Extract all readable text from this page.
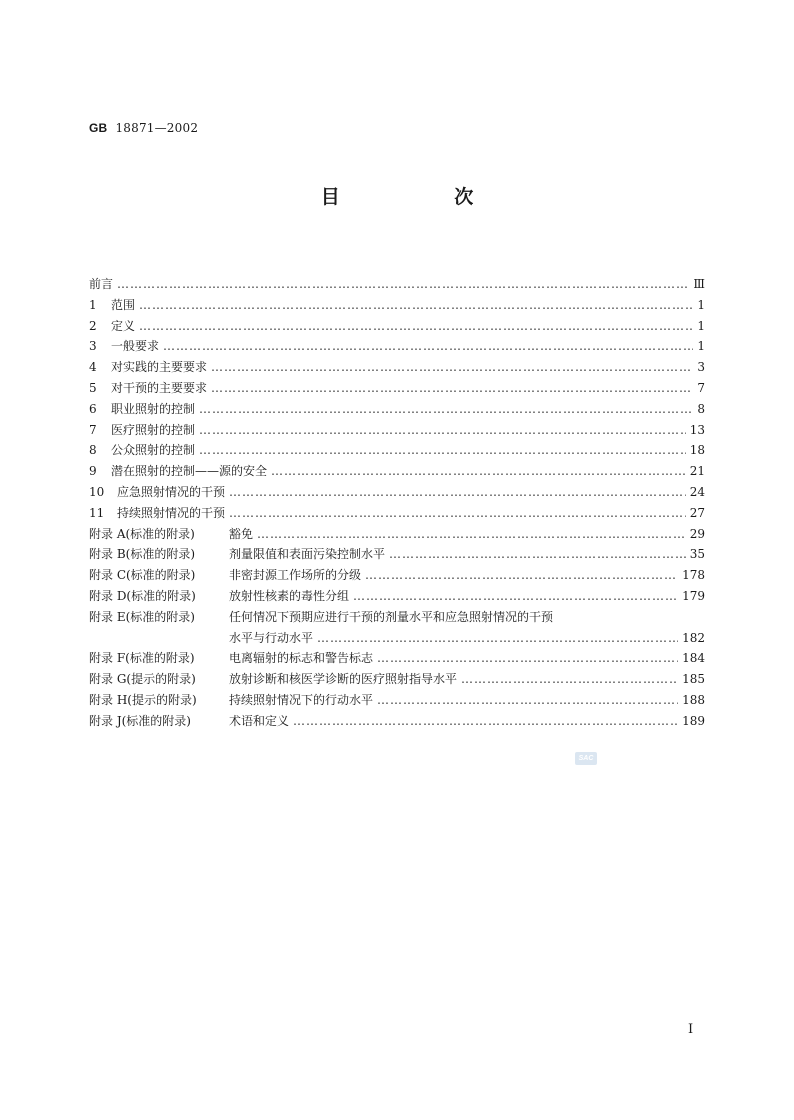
GB 18871—2002
目 次
前言 ……………………………………………………………………………………………………………………………………………………………………………………………………	Ⅲ
1	范围 ……………………………………………………………………………………………………………………………………………………………………………………………………	1
2	定义 ……………………………………………………………………………………………………………………………………………………………………………………………………	1
3	一般要求 ……………………………………………………………………………………………………………………………………………………………………………………………………	1
4	对实践的主要要求 ……………………………………………………………………………………………………………………………………………………………………………………………………	3
5	对干预的主要要求 ……………………………………………………………………………………………………………………………………………………………………………………………………	7
6	职业照射的控制 ……………………………………………………………………………………………………………………………………………………………………………………………………	8
7	医疗照射的控制 ……………………………………………………………………………………………………………………………………………………………………………………………………	13
8	公众照射的控制 ……………………………………………………………………………………………………………………………………………………………………………………………………	18
9	潜在照射的控制——源的安全 ……………………………………………………………………………………………………………………………………………………………………………………………………	21
10	应急照射情况的干预 ……………………………………………………………………………………………………………………………………………………………………………………………………	24
11	持续照射情况的干预 ……………………………………………………………………………………………………………………………………………………………………………………………………	27
附录 A(标准的附录)	豁免 ……………………………………………………………………………………………………………………………………………………………………………………………………	29
附录 B(标准的附录)	剂量限值和表面污染控制水平 ……………………………………………………………………………………………………………………………………………………………………………………………………	35
附录 C(标准的附录)	非密封源工作场所的分级 ……………………………………………………………………………………………………………………………………………………………………………………………………	178
附录 D(标准的附录)	放射性核素的毒性分组 ……………………………………………………………………………………………………………………………………………………………………………………………………	179
附录 E(标准的附录)	任何情况下预期应进行干预的剂量水平和应急照射情况的干预
水平与行动水平 ……………………………………………………………………………………………………………………………………………………………………………………………………	182
附录 F(标准的附录)	电离辐射的标志和警告标志 ……………………………………………………………………………………………………………………………………………………………………………………………………	184
附录 G(提示的附录)	放射诊断和核医学诊断的医疗照射指导水平 ……………………………………………………………………………………………………………………………………………………………………………………………………	185
附录 H(提示的附录)	持续照射情况下的行动水平 ……………………………………………………………………………………………………………………………………………………………………………………………………	188
附录 J(标准的附录)	术语和定义 ……………………………………………………………………………………………………………………………………………………………………………………………………	189
SAC
I
